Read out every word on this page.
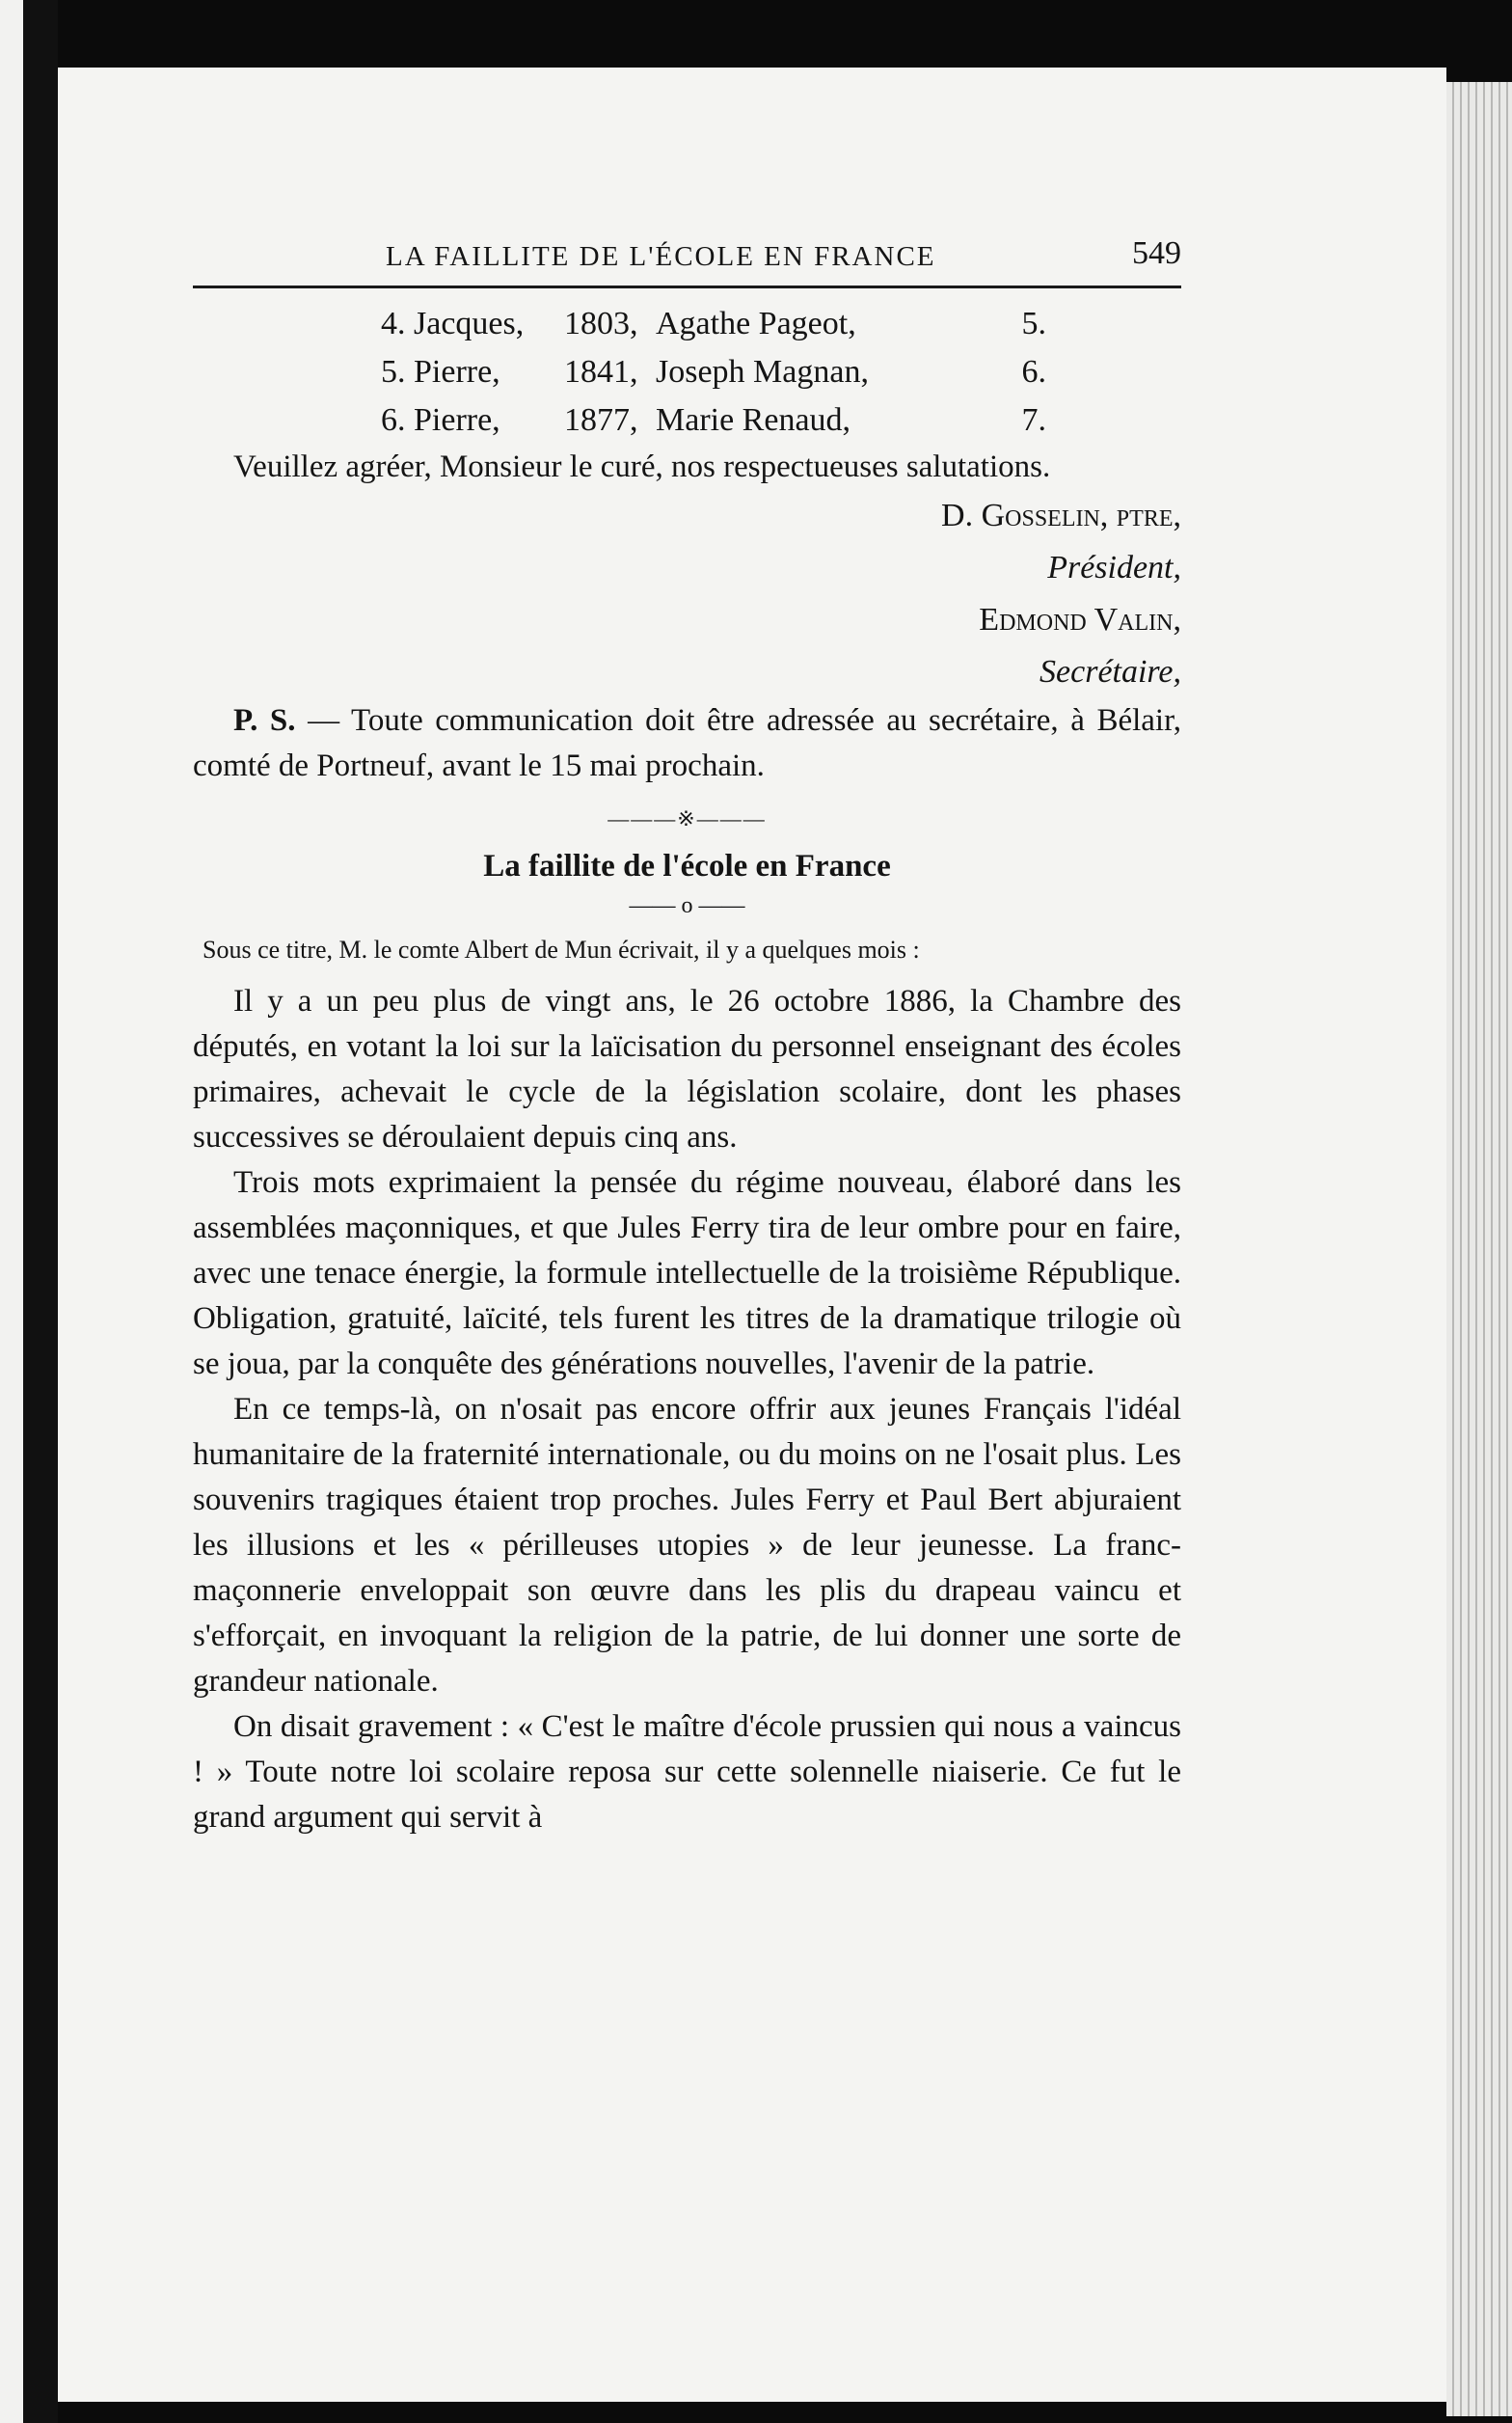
LA FAILLITE DE L'ÉCOLE EN FRANCE	549
4. Jacques,	1803, Agathe Pageot,	5.
5. Pierre,	1841, Joseph Magnan,	6.
6. Pierre,	1877, Marie Renaud,	7.

Veuillez agréer, Monsieur le curé, nos respectueuses salutations.

D. Gosselin, ptre,
Président,
Edmond Valin,
Secrétaire,

P. S. — Toute communication doit être adressée au secrétaire, à Bélair, comté de Portneuf, avant le 15 mai prochain.

———※———
La faillite de l'école en France
—— o ——
Sous ce titre, M. le comte Albert de Mun écrivait, il y a quelques mois :

Il y a un peu plus de vingt ans, le 26 octobre 1886, la Chambre des députés, en votant la loi sur la laïcisation du personnel enseignant des écoles primaires, achevait le cycle de la législation scolaire, dont les phases successives se déroulaient depuis cinq ans.

Trois mots exprimaient la pensée du régime nouveau, élaboré dans les assemblées maçonniques, et que Jules Ferry tira de leur ombre pour en faire, avec une tenace énergie, la formule intellectuelle de la troisième République. Obligation, gratuité, laïcité, tels furent les titres de la dramatique trilogie où se joua, par la conquête des générations nouvelles, l'avenir de la patrie.

En ce temps-là, on n'osait pas encore offrir aux jeunes Français l'idéal humanitaire de la fraternité internationale, ou du moins on ne l'osait plus. Les souvenirs tragiques étaient trop proches. Jules Ferry et Paul Bert abjuraient les illusions et les « périlleuses utopies » de leur jeunesse. La franc-maçonnerie enveloppait son œuvre dans les plis du drapeau vaincu et s'efforçait, en invoquant la religion de la patrie, de lui donner une sorte de grandeur nationale.

On disait gravement : « C'est le maître d'école prussien qui nous a vaincus ! » Toute notre loi scolaire reposa sur cette solennelle niaiserie. Ce fut le grand argument qui servit à
